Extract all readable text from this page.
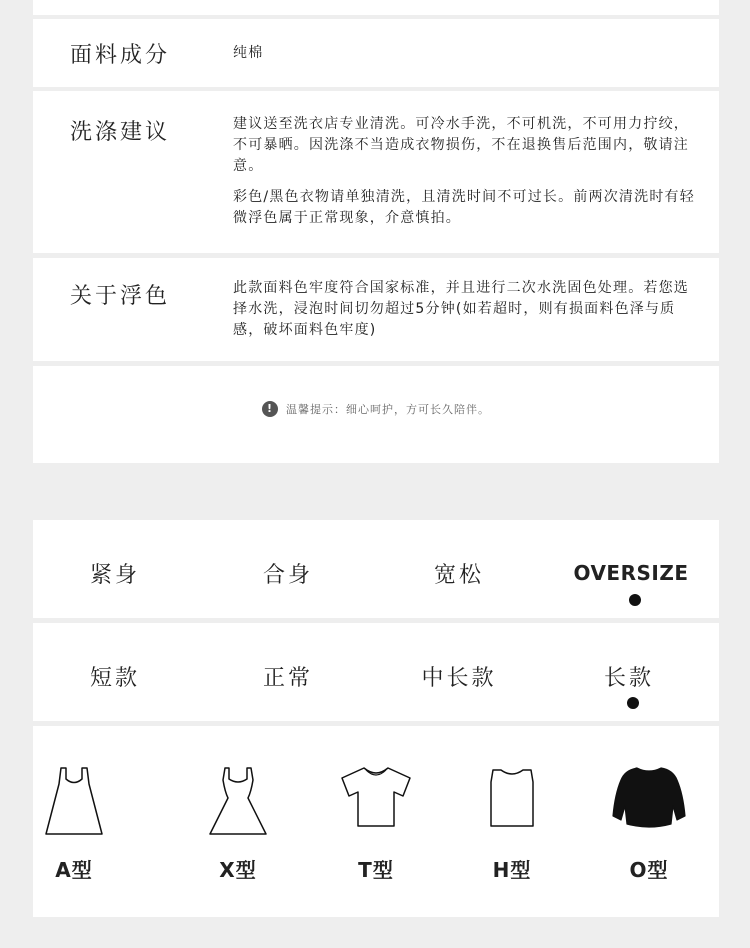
面料成分	纯棉
洗涤建议	建议送至洗衣店专业清洗。可冷水手洗，不可机洗，不可用力拧绞，不可暴晒。因洗涤不当造成衣物损伤，不在退换售后范围内，敬请注意。
彩色/黑色衣物请单独清洗，且清洗时间不可过长。前两次清洗时有轻微浮色属于正常现象，介意慎拍。
关于浮色	此款面料色牢度符合国家标准，并且进行二次水洗固色处理。若您选择水洗，浸泡时间切勿超过5分钟(如若超时，则有损面料色泽与质感，破坏面料色牢度)
! 温馨提示：细心呵护，方可长久陪伴。
紧身	合身	宽松	OVERSIZE
短款	正常	中长款	长款
A型	X型	T型	H型	O型
